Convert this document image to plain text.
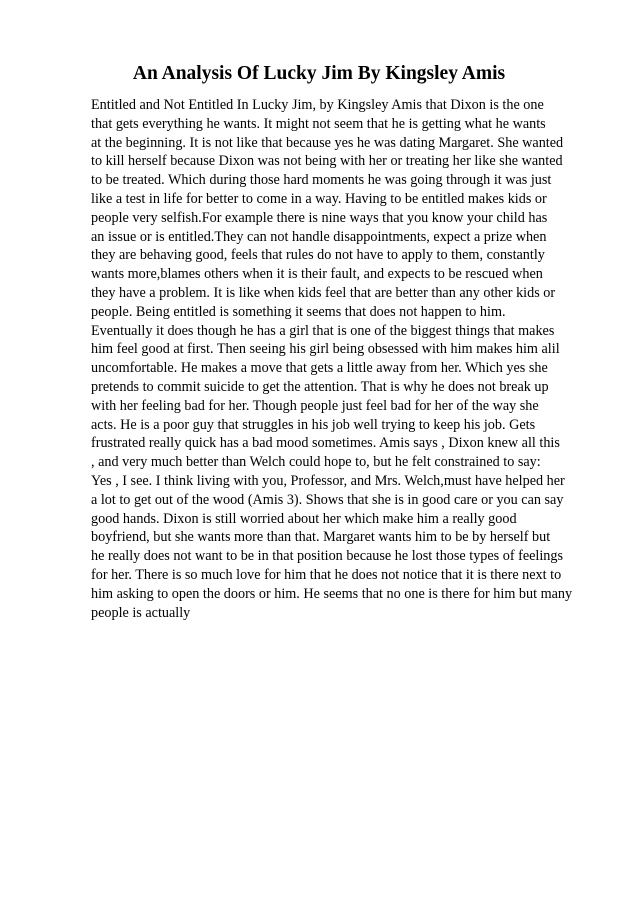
An Analysis Of Lucky Jim By Kingsley Amis
Entitled and Not Entitled In Lucky Jim, by Kingsley Amis that Dixon is the one
that gets everything he wants. It might not seem that he is getting what he wants
at the beginning. It is not like that because yes he was dating Margaret. She wanted
to kill herself because Dixon was not being with her or treating her like she wanted
to be treated. Which during those hard moments he was going through it was just
like a test in life for better to come in a way. Having to be entitled makes kids or
people very selfish.For example there is nine ways that you know your child has
an issue or is entitled.They can not handle disappointments, expect a prize when
they are behaving good, feels that rules do not have to apply to them, constantly
wants more,blames others when it is their fault, and expects to be rescued when
they have a problem. It is like when kids feel that are better than any other kids or
people. Being entitled is something it seems that does not happen to him.
Eventually it does though he has a girl that is one of the biggest things that makes
him feel good at first. Then seeing his girl being obsessed with him makes him alil
uncomfortable. He makes a move that gets a little away from her. Which yes she
pretends to commit suicide to get the attention. That is why he does not break up
with her feeling bad for her. Though people just feel bad for her of the way she
acts. He is a poor guy that struggles in his job well trying to keep his job. Gets
frustrated really quick has a bad mood sometimes. Amis says , Dixon knew all this
, and very much better than Welch could hope to, but he felt constrained to say:
Yes , I see. I think living with you, Professor, and Mrs. Welch,must have helped her
a lot to get out of the wood (Amis 3). Shows that she is in good care or you can say
good hands. Dixon is still worried about her which make him a really good
boyfriend, but she wants more than that. Margaret wants him to be by herself but
he really does not want to be in that position because he lost those types of feelings
for her. There is so much love for him that he does not notice that it is there next to
him asking to open the doors or him. He seems that no one is there for him but many
people is actually
